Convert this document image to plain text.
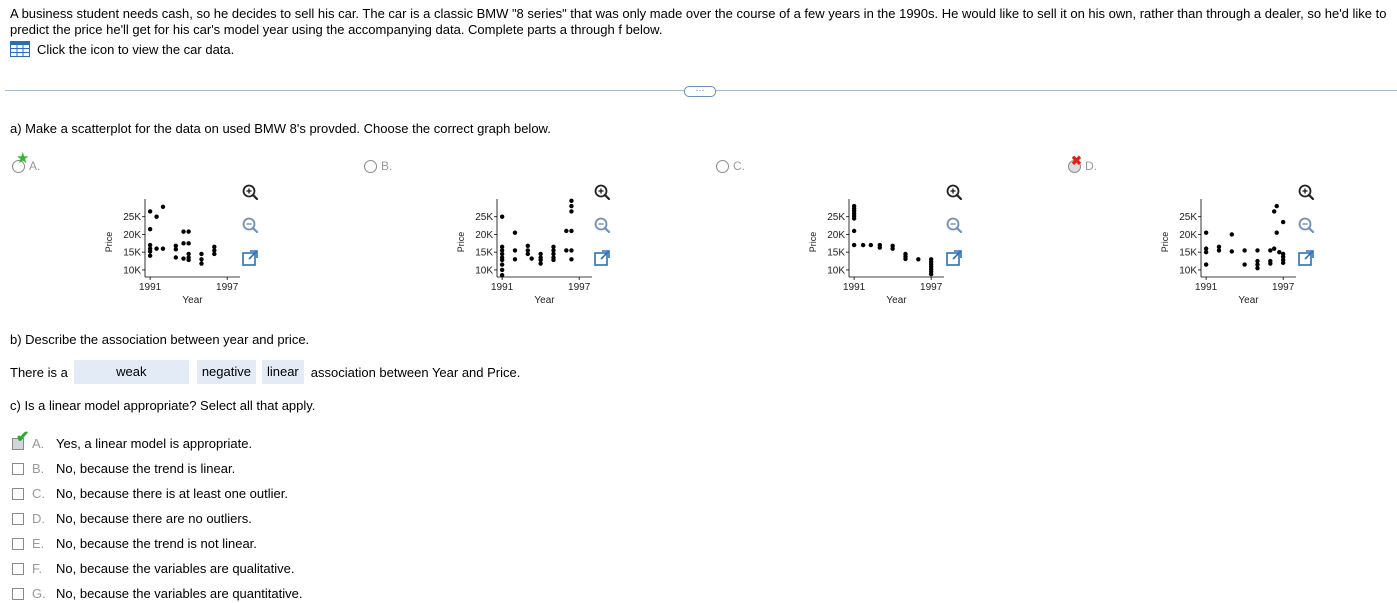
A business student needs cash, so he decides to sell his car. The car is a classic BMW "8 series" that was only made over the course of a few years in the 1990s. He would like to sell it on his own, rather than through a dealer, so he'd like to predict the price he'll get for his car's model year using the accompanying data. Complete parts a through f below.
Click the icon to view the car data.
···
a) Make a scatterplot for the data on used BMW 8's provded. Choose the correct graph below.
A.
★
25K
20K
15K
10K
1991	1997
Year
Price
B.
25K
20K
15K
10K
1991	1997
Year
Price
C.
25K
20K
15K
10K
1991	1997
Year
Price
D.
✖
25K
20K
15K
10K
1991	1997
Year
Price
b) Describe the association between year and price.
There is a	weak	negative	linear association between Year and Price.
c) Is a linear model appropriate? Select all that apply.
A. Yes, a linear model is appropriate.
✔
B. No, because the trend is linear.
C. No, because there is at least one outlier.
D. No, because there are no outliers.
E. No, because the trend is not linear.
F.	No, because the variables are qualitative.
G. No, because the variables are quantitative.
